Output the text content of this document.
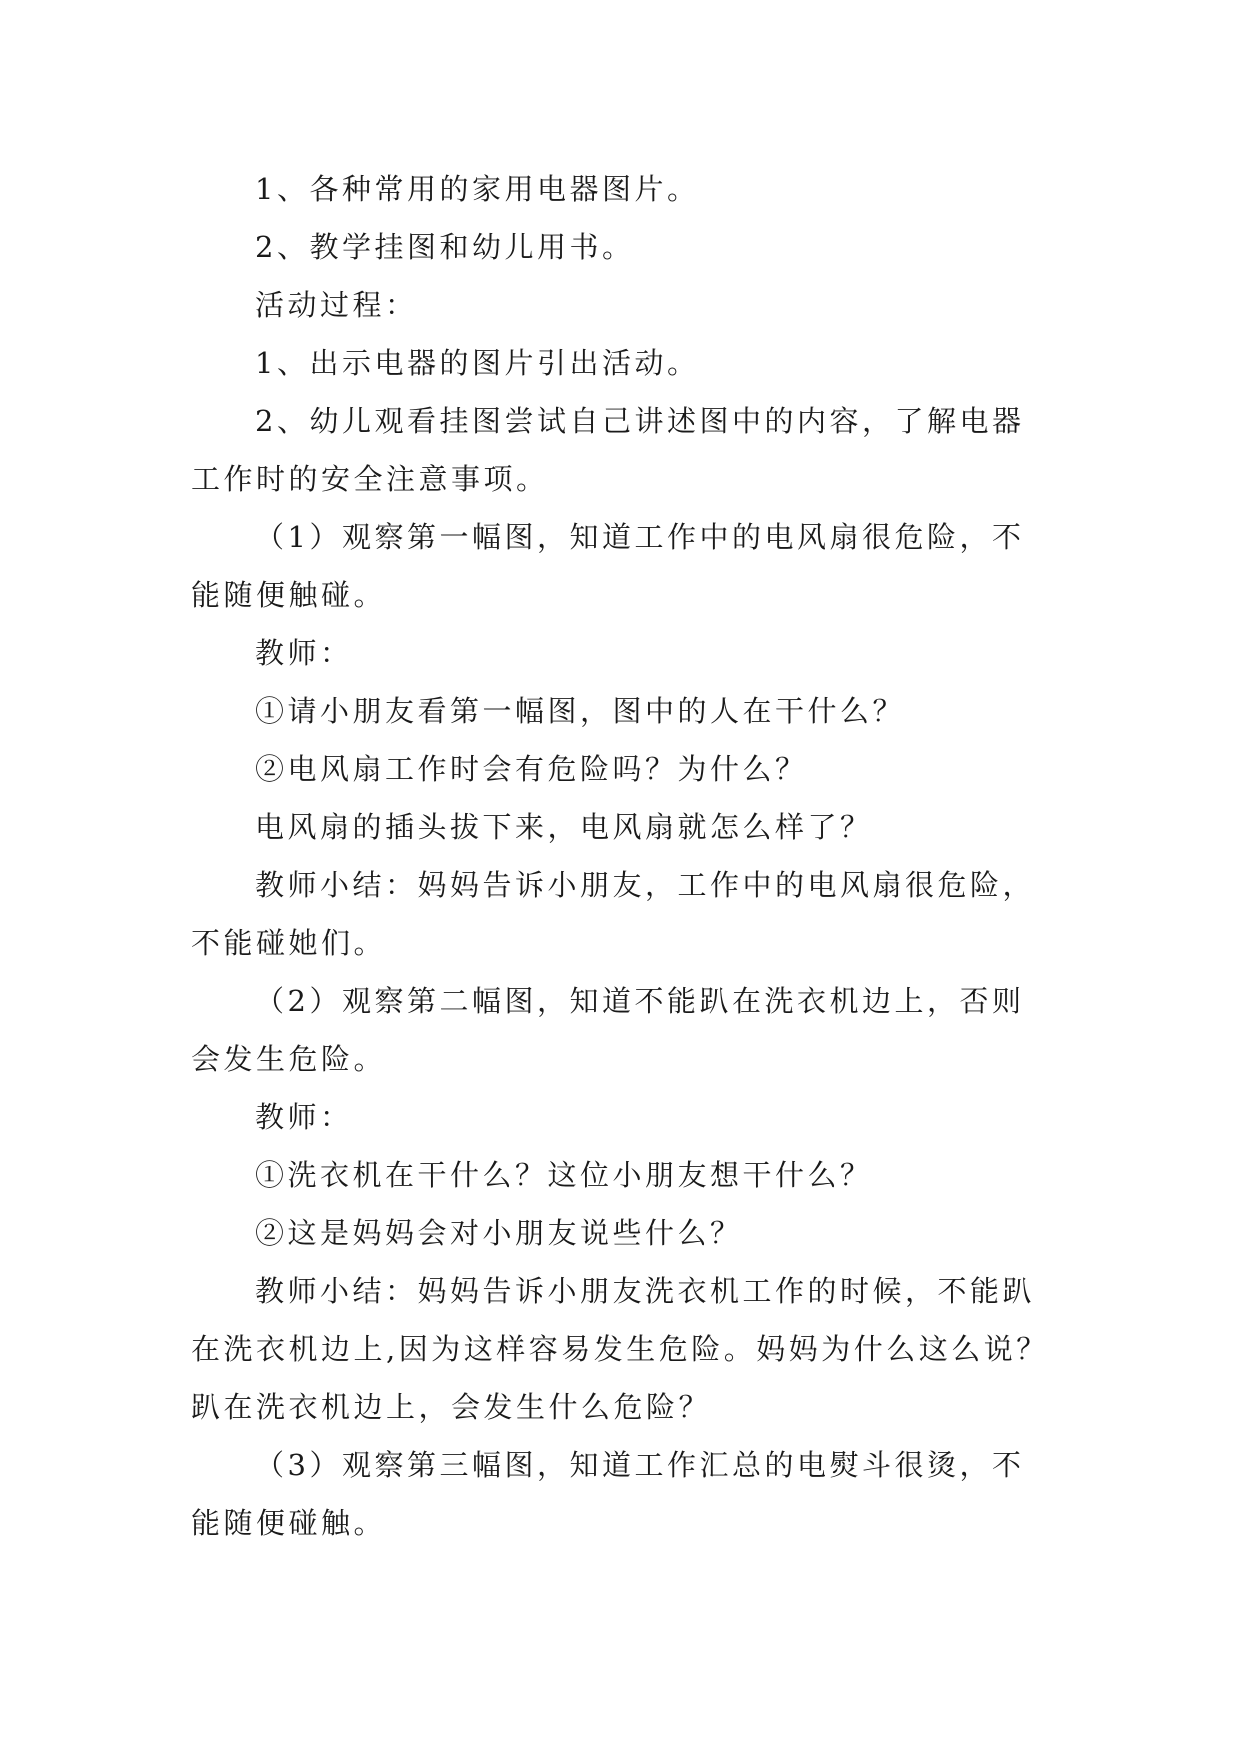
1、各种常用的家用电器图片。

2、教学挂图和幼儿用书。

活动过程：

1、出示电器的图片引出活动。

2、幼儿观看挂图尝试自己讲述图中的内容，了解电器工作时的安全注意事项。

（1）观察第一幅图，知道工作中的电风扇很危险，不能随便触碰。

教师：

①请小朋友看第一幅图，图中的人在干什么？

②电风扇工作时会有危险吗？为什么？

电风扇的插头拔下来，电风扇就怎么样了？

教师小结：妈妈告诉小朋友，工作中的电风扇很危险，不能碰她们。

（2）观察第二幅图，知道不能趴在洗衣机边上，否则会发生危险。

教师：

①洗衣机在干什么？这位小朋友想干什么？

②这是妈妈会对小朋友说些什么？

教师小结：妈妈告诉小朋友洗衣机工作的时候，不能趴在洗衣机边上,因为这样容易发生危险。妈妈为什么这么说？趴在洗衣机边上，会发生什么危险？

（3）观察第三幅图，知道工作汇总的电熨斗很烫，不能随便碰触。
